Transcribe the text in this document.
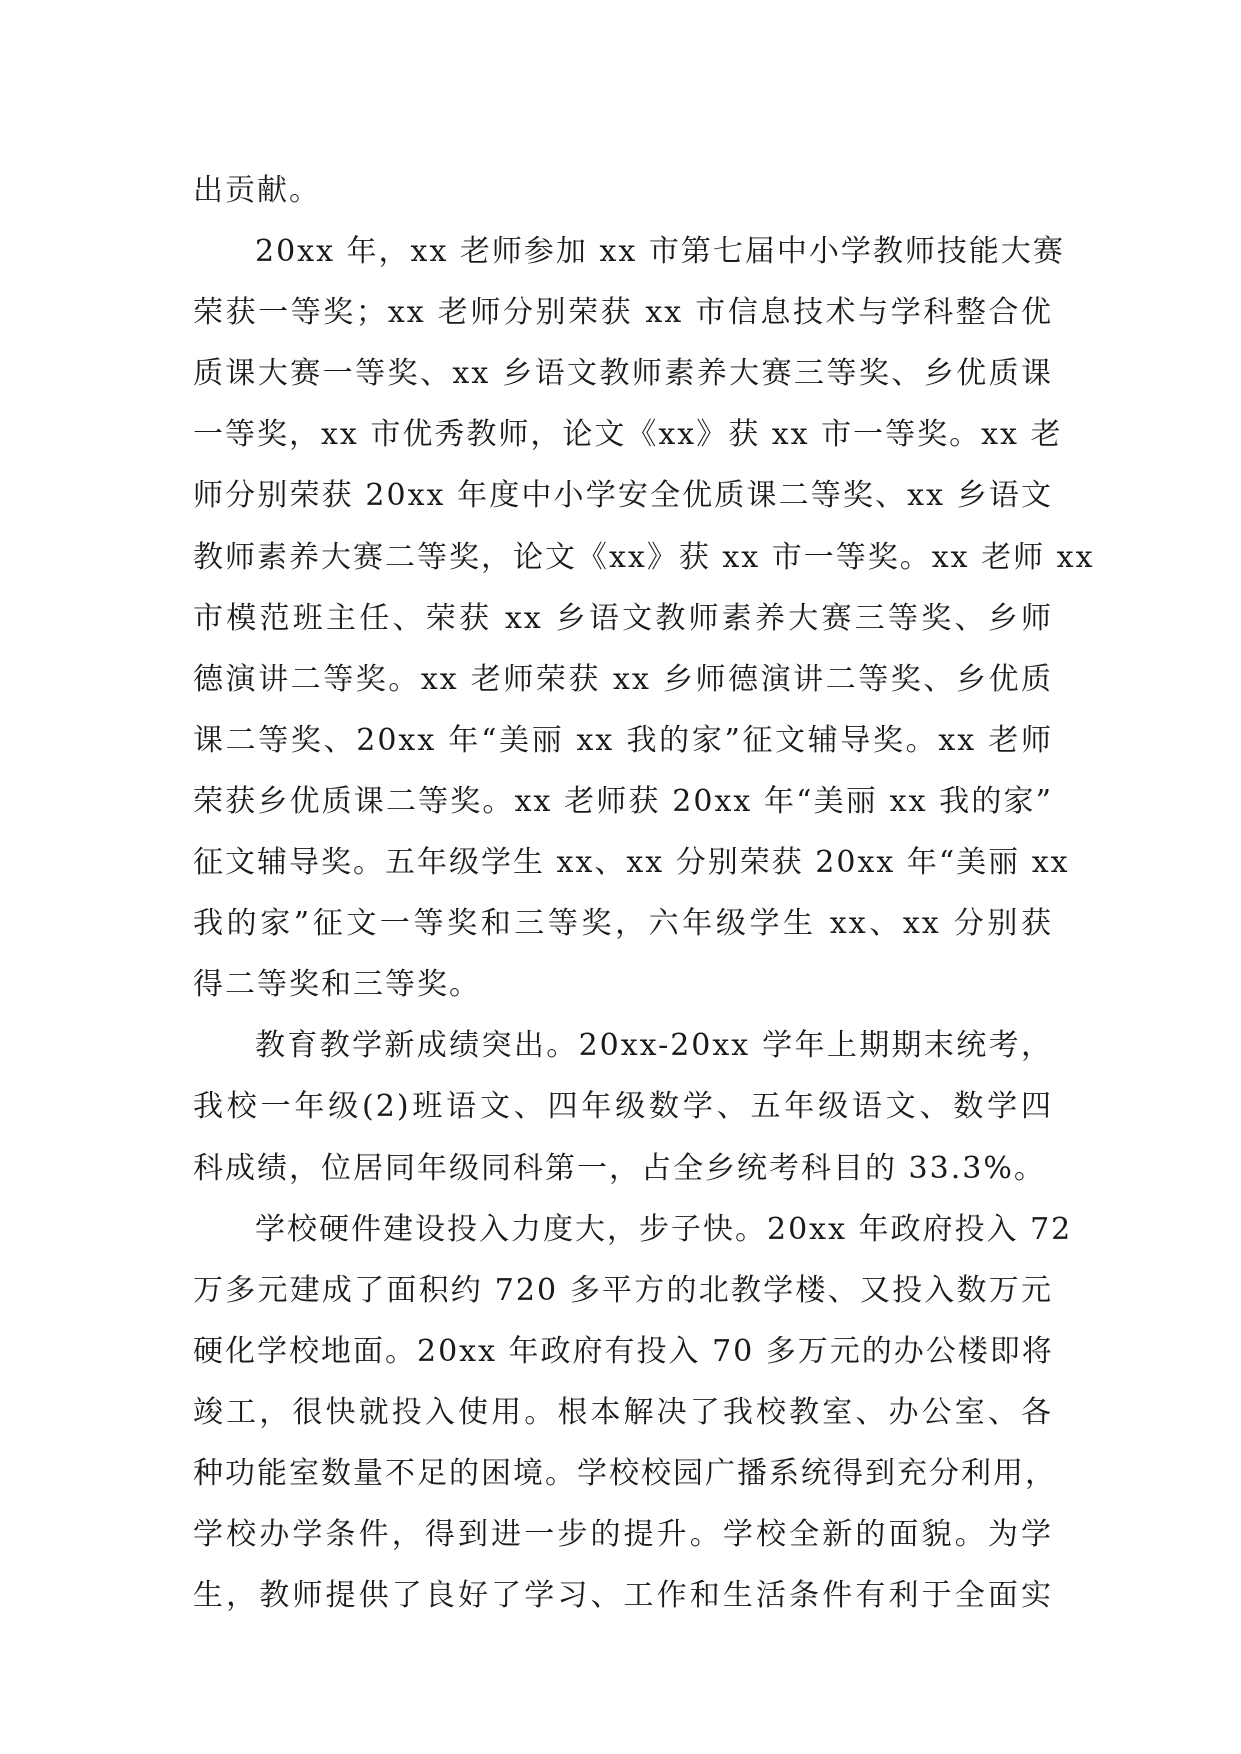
出贡献。
20xx 年，xx 老师参加 xx 市第七届中小学教师技能大赛
荣获一等奖；xx 老师分别荣获 xx 市信息技术与学科整合优
质课大赛一等奖、xx 乡语文教师素养大赛三等奖、乡优质课
一等奖，xx 市优秀教师，论文《xx》获 xx 市一等奖。xx 老
师分别荣获 20xx 年度中小学安全优质课二等奖、xx 乡语文
教师素养大赛二等奖，论文《xx》获 xx 市一等奖。xx 老师 xx
市模范班主任、荣获 xx 乡语文教师素养大赛三等奖、乡师
德演讲二等奖。xx 老师荣获 xx 乡师德演讲二等奖、乡优质
课二等奖、20xx 年“美丽 xx 我的家”征文辅导奖。xx 老师
荣获乡优质课二等奖。xx 老师获 20xx 年“美丽 xx 我的家”
征文辅导奖。五年级学生 xx、xx 分别荣获 20xx 年“美丽 xx
我的家”征文一等奖和三等奖，六年级学生 xx、xx 分别获
得二等奖和三等奖。
教育教学新成绩突出。20xx-20xx 学年上期期末统考，
我校一年级(2)班语文、四年级数学、五年级语文、数学四
科成绩，位居同年级同科第一，占全乡统考科目的 33.3%。
学校硬件建设投入力度大，步子快。20xx 年政府投入 72
万多元建成了面积约 720 多平方的北教学楼、又投入数万元
硬化学校地面。20xx 年政府有投入 70 多万元的办公楼即将
竣工，很快就投入使用。根本解决了我校教室、办公室、各
种功能室数量不足的困境。学校校园广播系统得到充分利用，
学校办学条件，得到进一步的提升。学校全新的面貌。为学
生，教师提供了良好了学习、工作和生活条件有利于全面实
